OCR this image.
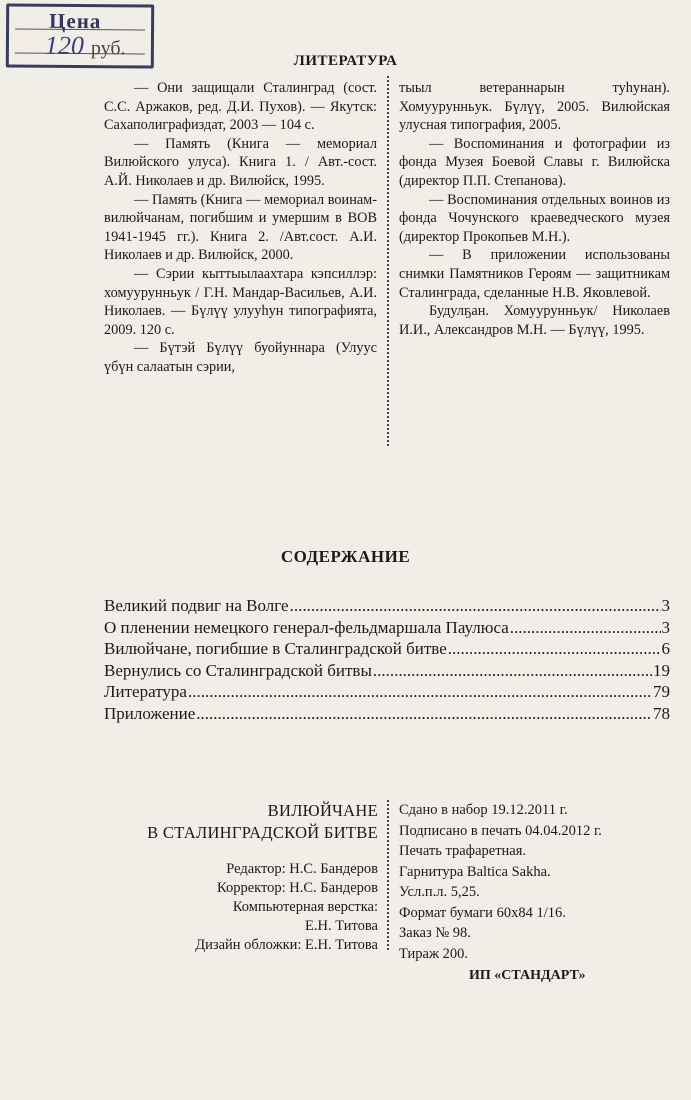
Цена
120 руб.
ЛИТЕРАТУРА

— Они защищали Сталинград (сост. С.С. Аржаков, ред. Д.И. Пухов). — Якутск: Сахаполиграфиздат, 2003 — 104 с.

— Память (Книга — мемориал Вилюйского улуса). Книга 1. / Авт.-сост. А.Й. Николаев и др. Вилюйск, 1995.

— Память (Книга — мемориал воинам-вилюйчанам, погибшим и умершим в ВОВ 1941-1945 гг.). Книга 2. /Авт.сост. А.И. Николаев и др. Вилюйск, 2000.

— Сэрии кыттыылаахтара кэпсиллэр: хомуурунньук / Г.Н. Мандар-Васильев, А.И. Николаев. — Бүлүү улууһун типографията, 2009. 120 с.

— Бүтэй Бүлүү буойуннара (Улуус үбүн салаатын сэрии,

тыыл ветераннарын туһунан). Хомуурунньук. Бүлүү, 2005. Вилюйская улусная типография, 2005.

— Воспоминания и фотографии из фонда Музея Боевой Славы г. Вилюйска (директор П.П. Степанова).

— Воспоминания отдельных воинов из фонда Чочунского краеведческого музея (директор Прокопьев М.Н.).

— В приложении использованы снимки Памятников Героям — защитникам Сталинграда, сделанные Н.В. Яковлевой.

Будулҕан. Хомуурунньук/ Николаев И.И., Александров М.Н. — Бүлүү, 1995.

СОДЕРЖАНИЕ
Великий подвиг на Волге .....	3
О пленении немецкого генерал-фельдмаршала Паулюса .....	3
Вилюйчане, погибшие в Сталинградской битве .....	6
Вернулись со Сталинградской битвы .....	19
Литература .....	79
Приложение .....	78
ВИЛЮЙЧАНЕ
В СТАЛИНГРАДСКОЙ БИТВЕ
Редактор: Н.С. Бандеров
Корректор: Н.С. Бандеров
Компьютерная верстка:
Е.Н. Титова
Дизайн обложки: Е.Н. Титова
Сдано в набор 19.12.2011 г.
Подписано в печать 04.04.2012 г.
Печать трафаретная.
Гарнитура Baltica Sakha.
Усл.п.л. 5,25.
Формат бумаги 60х84 1/16.
Заказ № 98.
Тираж 200.
ИП «СТАНДАРТ»
